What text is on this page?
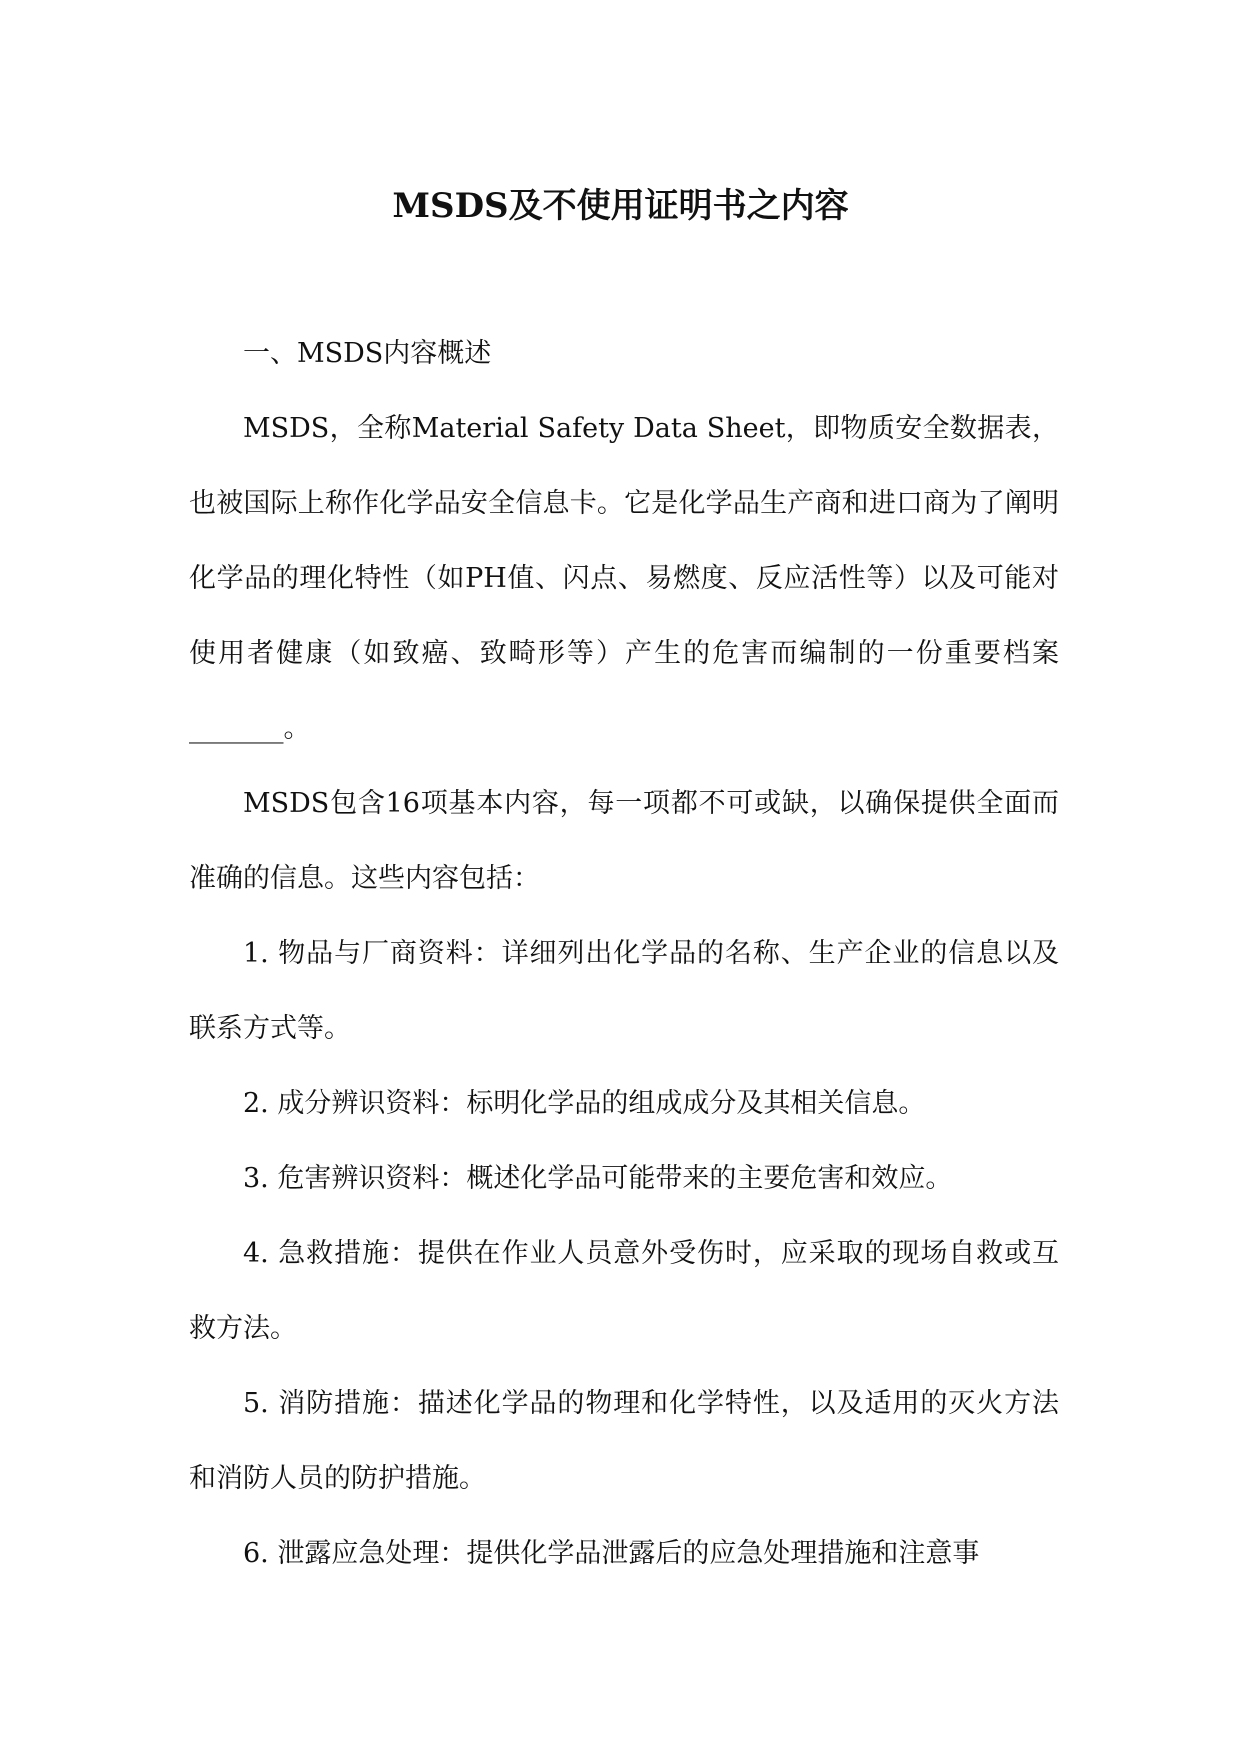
MSDS及不使用证明书之内容

一、MSDS内容概述

MSDS，全称Material Safety Data Sheet，即物质安全数据表，也被国际上称作化学品安全信息卡。它是化学品生产商和进口商为了阐明化学品的理化特性（如PH值、闪点、易燃度、反应活性等）以及可能对使用者健康（如致癌、致畸形等）产生的危害而编制的一份重要档案_______。

MSDS包含16项基本内容，每一项都不可或缺，以确保提供全面而准确的信息。这些内容包括：

1. 物品与厂商资料：详细列出化学品的名称、生产企业的信息以及联系方式等。

2. 成分辨识资料：标明化学品的组成成分及其相关信息。

3. 危害辨识资料：概述化学品可能带来的主要危害和效应。

4. 急救措施：提供在作业人员意外受伤时，应采取的现场自救或互救方法。

5. 消防措施：描述化学品的物理和化学特性，以及适用的灭火方法和消防人员的防护措施。

6. 泄露应急处理：提供化学品泄露后的应急处理措施和注意事
